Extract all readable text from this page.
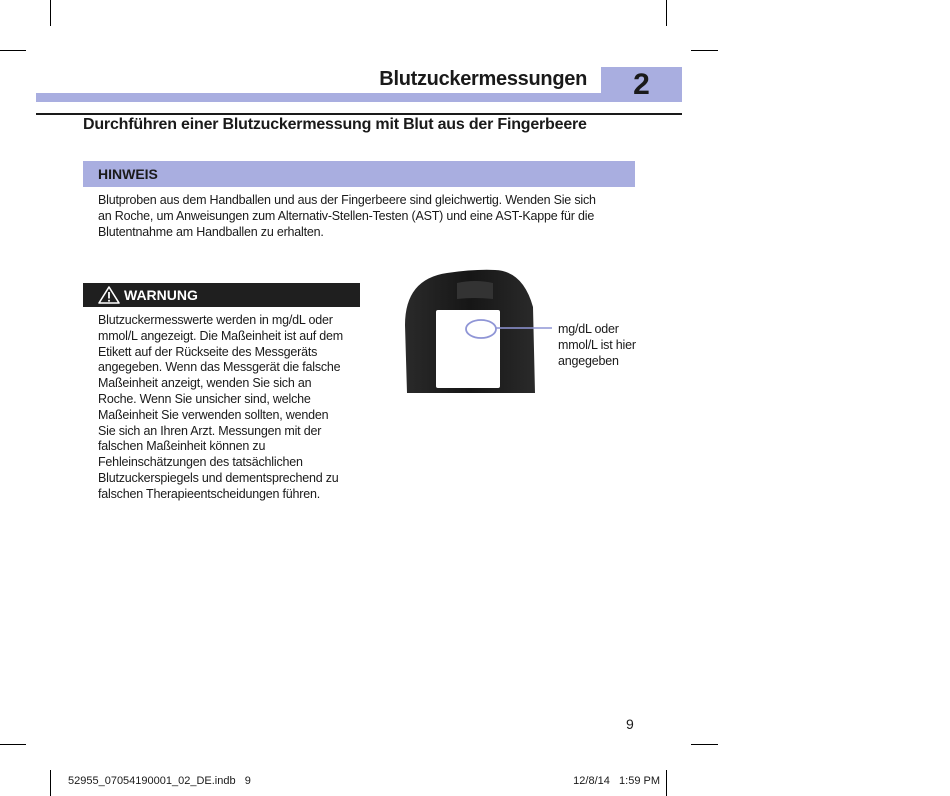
Blutzuckermessungen 2
Durchführen einer Blutzuckermessung mit Blut aus der Fingerbeere
HINWEIS

Blutproben aus dem Handballen und aus der Fingerbeere sind gleichwertig. Wenden Sie sich an Roche, um Anweisungen zum Alternativ-Stellen-Testen (AST) und eine AST-Kappe für die Blutentnahme am Handballen zu erhalten.

WARNUNG

Blutzuckermesswerte werden in mg/dL oder mmol/L angezeigt. Die Maßeinheit ist auf dem Etikett auf der Rückseite des Messgeräts angegeben. Wenn das Messgerät die falsche Maßeinheit anzeigt, wenden Sie sich an Roche. Wenn Sie unsicher sind, welche Maßeinheit Sie verwenden sollten, wenden Sie sich an Ihren Arzt. Messungen mit der falschen Maßeinheit können zu Fehleinschätzungen des tatsächlichen Blutzuckerspiegels und dementsprechend zu falschen Therapieentscheidungen führen.

mg/dL oder mmol/L ist hier angegeben

9
52955_07054190001_02_DE.indb   9	12/8/14   1:59 PM
